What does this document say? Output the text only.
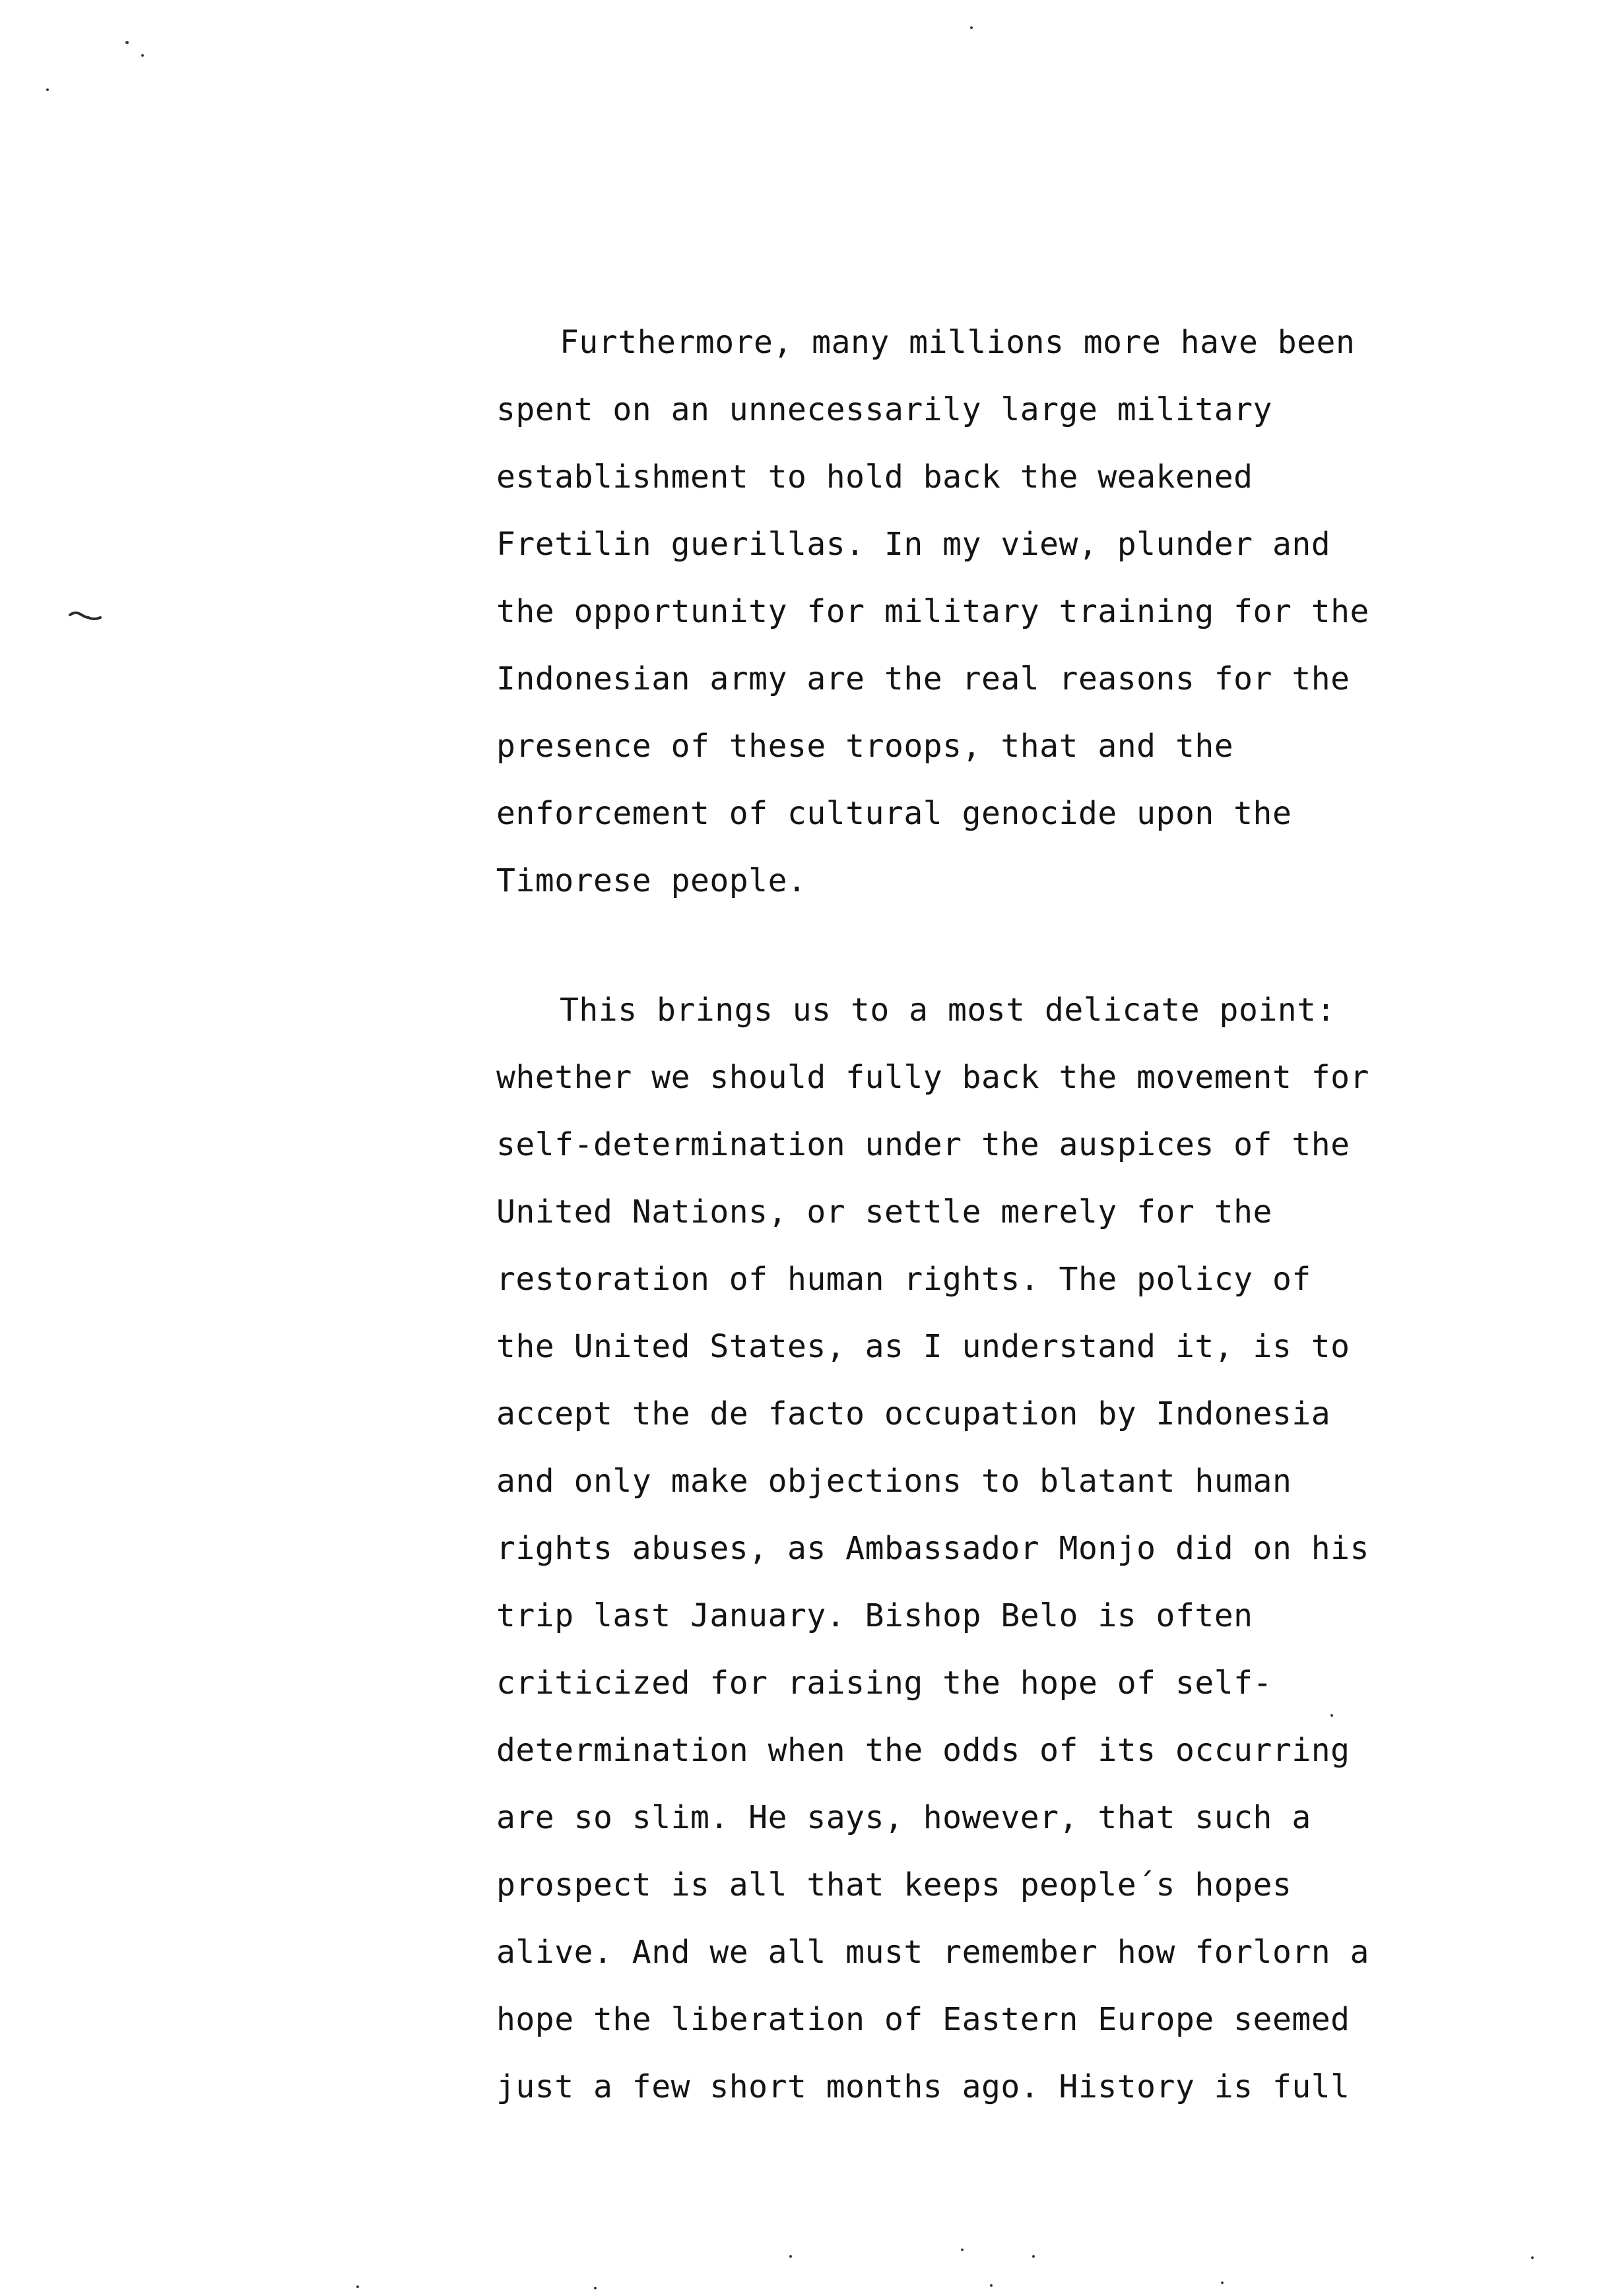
Furthermore, many millions more have been
spent on an unnecessarily large military
establishment to hold back the weakened
Fretilin guerillas. In my view, plunder and
the opportunity for military training for the
Indonesian army are the real reasons for the
presence of these troops, that and the
enforcement of cultural genocide upon the
Timorese people.
This brings us to a most delicate point:
whether we should fully back the movement for
self-determination under the auspices of the
United Nations, or settle merely for the
restoration of human rights. The policy of
the United States, as I understand it, is to
accept the de facto occupation by Indonesia
and only make objections to blatant human
rights abuses, as Ambassador Monjo did on his
trip last January. Bishop Belo is often
criticized for raising the hope of self-
determination when the odds of its occurring
are so slim. He says, however, that such a
prospect is all that keeps people´s hopes
alive. And we all must remember how forlorn a
hope the liberation of Eastern Europe seemed
just a few short months ago. History is full
